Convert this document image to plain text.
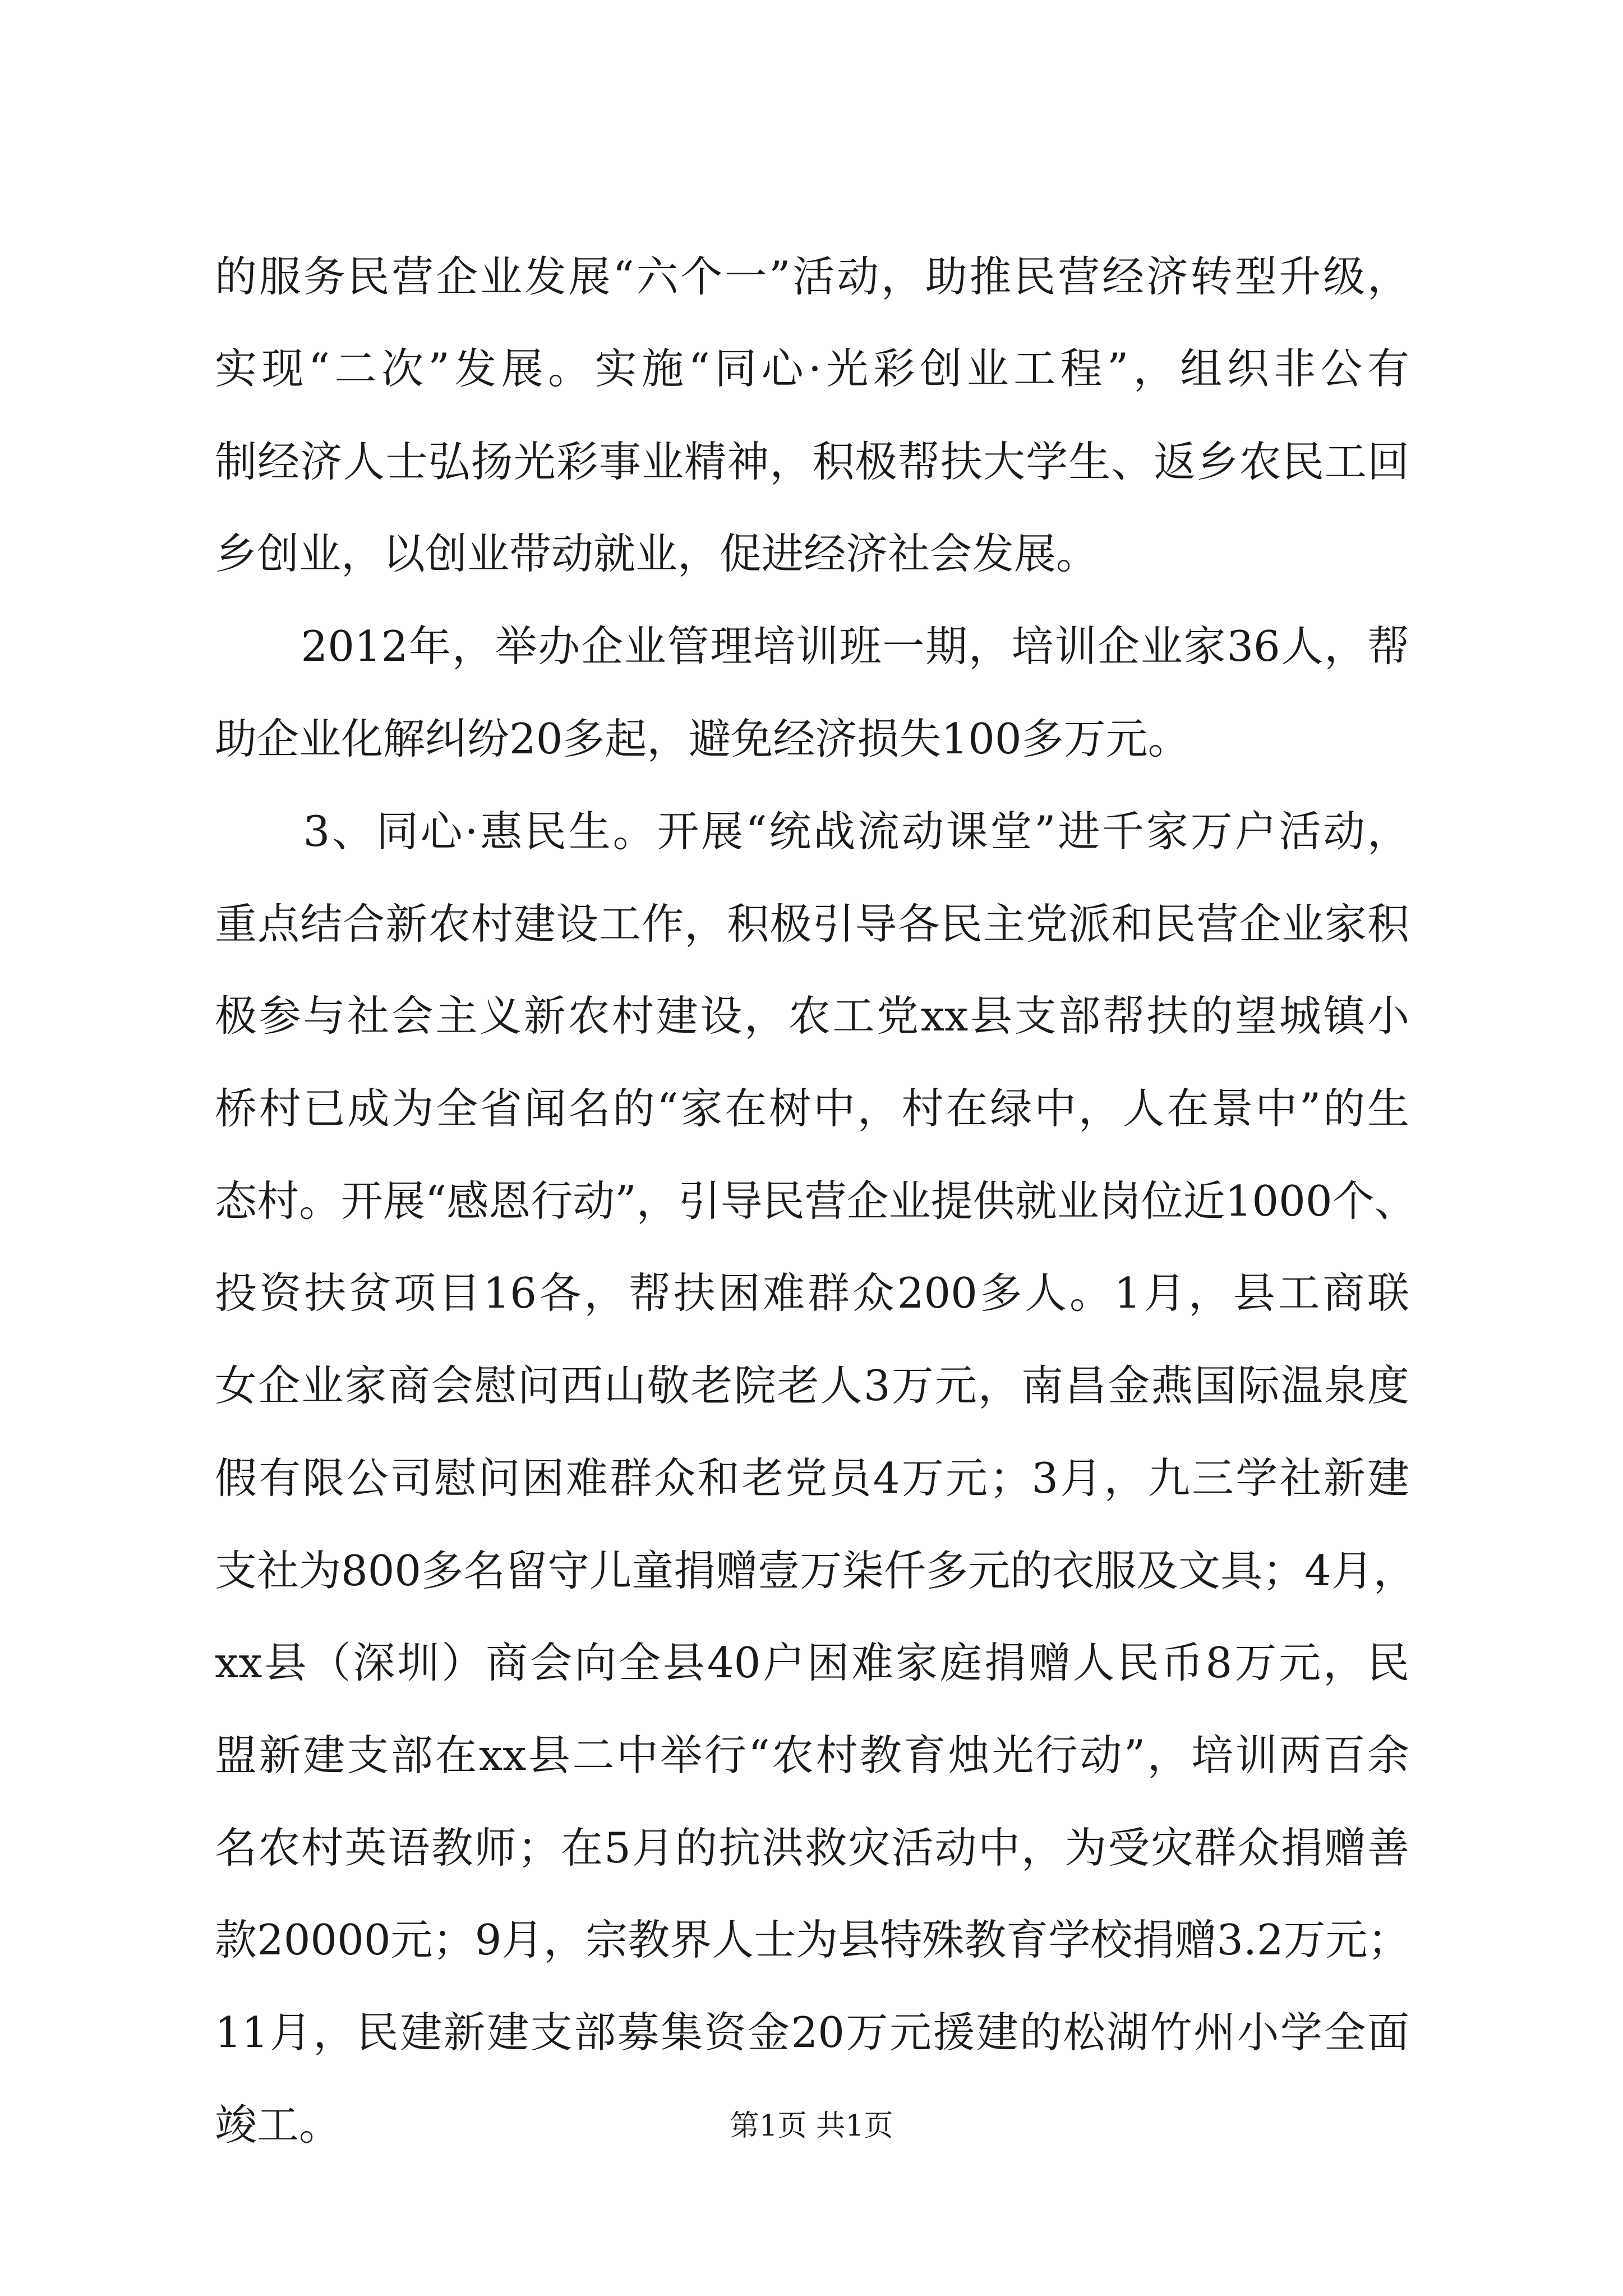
的服务民营企业发展“六个一”活动，助推民营经济转型升级，
实现“二次”发展。实施“同心·光彩创业工程”，组织非公有
制经济人士弘扬光彩事业精神，积极帮扶大学生、返乡农民工回
乡创业，以创业带动就业，促进经济社会发展。
　　2012年，举办企业管理培训班一期，培训企业家36人，帮
助企业化解纠纷20多起，避免经济损失100多万元。
　　3、同心·惠民生。开展“统战流动课堂”进千家万户活动，
重点结合新农村建设工作，积极引导各民主党派和民营企业家积
极参与社会主义新农村建设，农工党xx县支部帮扶的望城镇小
桥村已成为全省闻名的“家在树中，村在绿中，人在景中”的生
态村。开展“感恩行动”，引导民营企业提供就业岗位近1000个、
投资扶贫项目16各，帮扶困难群众200多人。1月，县工商联
女企业家商会慰问西山敬老院老人3万元，南昌金燕国际温泉度
假有限公司慰问困难群众和老党员4万元；3月，九三学社新建
支社为800多名留守儿童捐赠壹万柒仟多元的衣服及文具；4月，
xx县（深圳）商会向全县40户困难家庭捐赠人民币8万元，民
盟新建支部在xx县二中举行“农村教育烛光行动”，培训两百余
名农村英语教师；在5月的抗洪救灾活动中，为受灾群众捐赠善
款20000元；9月，宗教界人士为县特殊教育学校捐赠3.2万元；
11月，民建新建支部募集资金20万元援建的松湖竹州小学全面
竣工。	第1页 共1页
